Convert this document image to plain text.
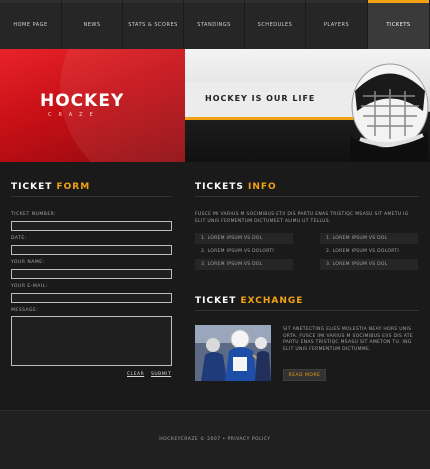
HOME PAGE	NEWS	STATS & SCORES	STANDINGS	SCHEDULES	PLAYERS	TICKETS
HOCKEY
CRAZE
HOCKEY IS OUR LIFE
TICKET FORM
TICKET NUMBER:
DATE:
YOUR NAME:
YOUR E-MAIL:
MESSAGE:
CLEAR SUBMIT
TICKETS INFO
FUSCE MI VARIUS M SOCIMIBUS ETII DIS PARTU ENAS TRISTIQC MSASU SIT AMETU IG ELIT UNIS FERMENTUM DICTUMEET ALIMU UT TELLUS.
1. LOREM IPSUM VS DOL
2. LOREM IPSUM VS DOLORTI
3. LOREM IPSUM VS DOL
1. LOREM IPSUM VS DOL
2. LOREM IPSUM VS DOLORTI
3. LOREM IPSUM VS DOL
TICKET EXCHANGE
SIT ANETECTING ELIES MOLESTIA NEAY HORE UNIS ORTA. FUSCE IMI VARIUS M SOCIMIBUS EIIS DIS ATE PARTU ENAS TRISTIQC MSASU SIT AMETON TU. ING ELIT UNIS FERMENTUM DICTUMME.
READ MORE
HOCKEYCRAZE © 2007 • PRIVACY POLICY
